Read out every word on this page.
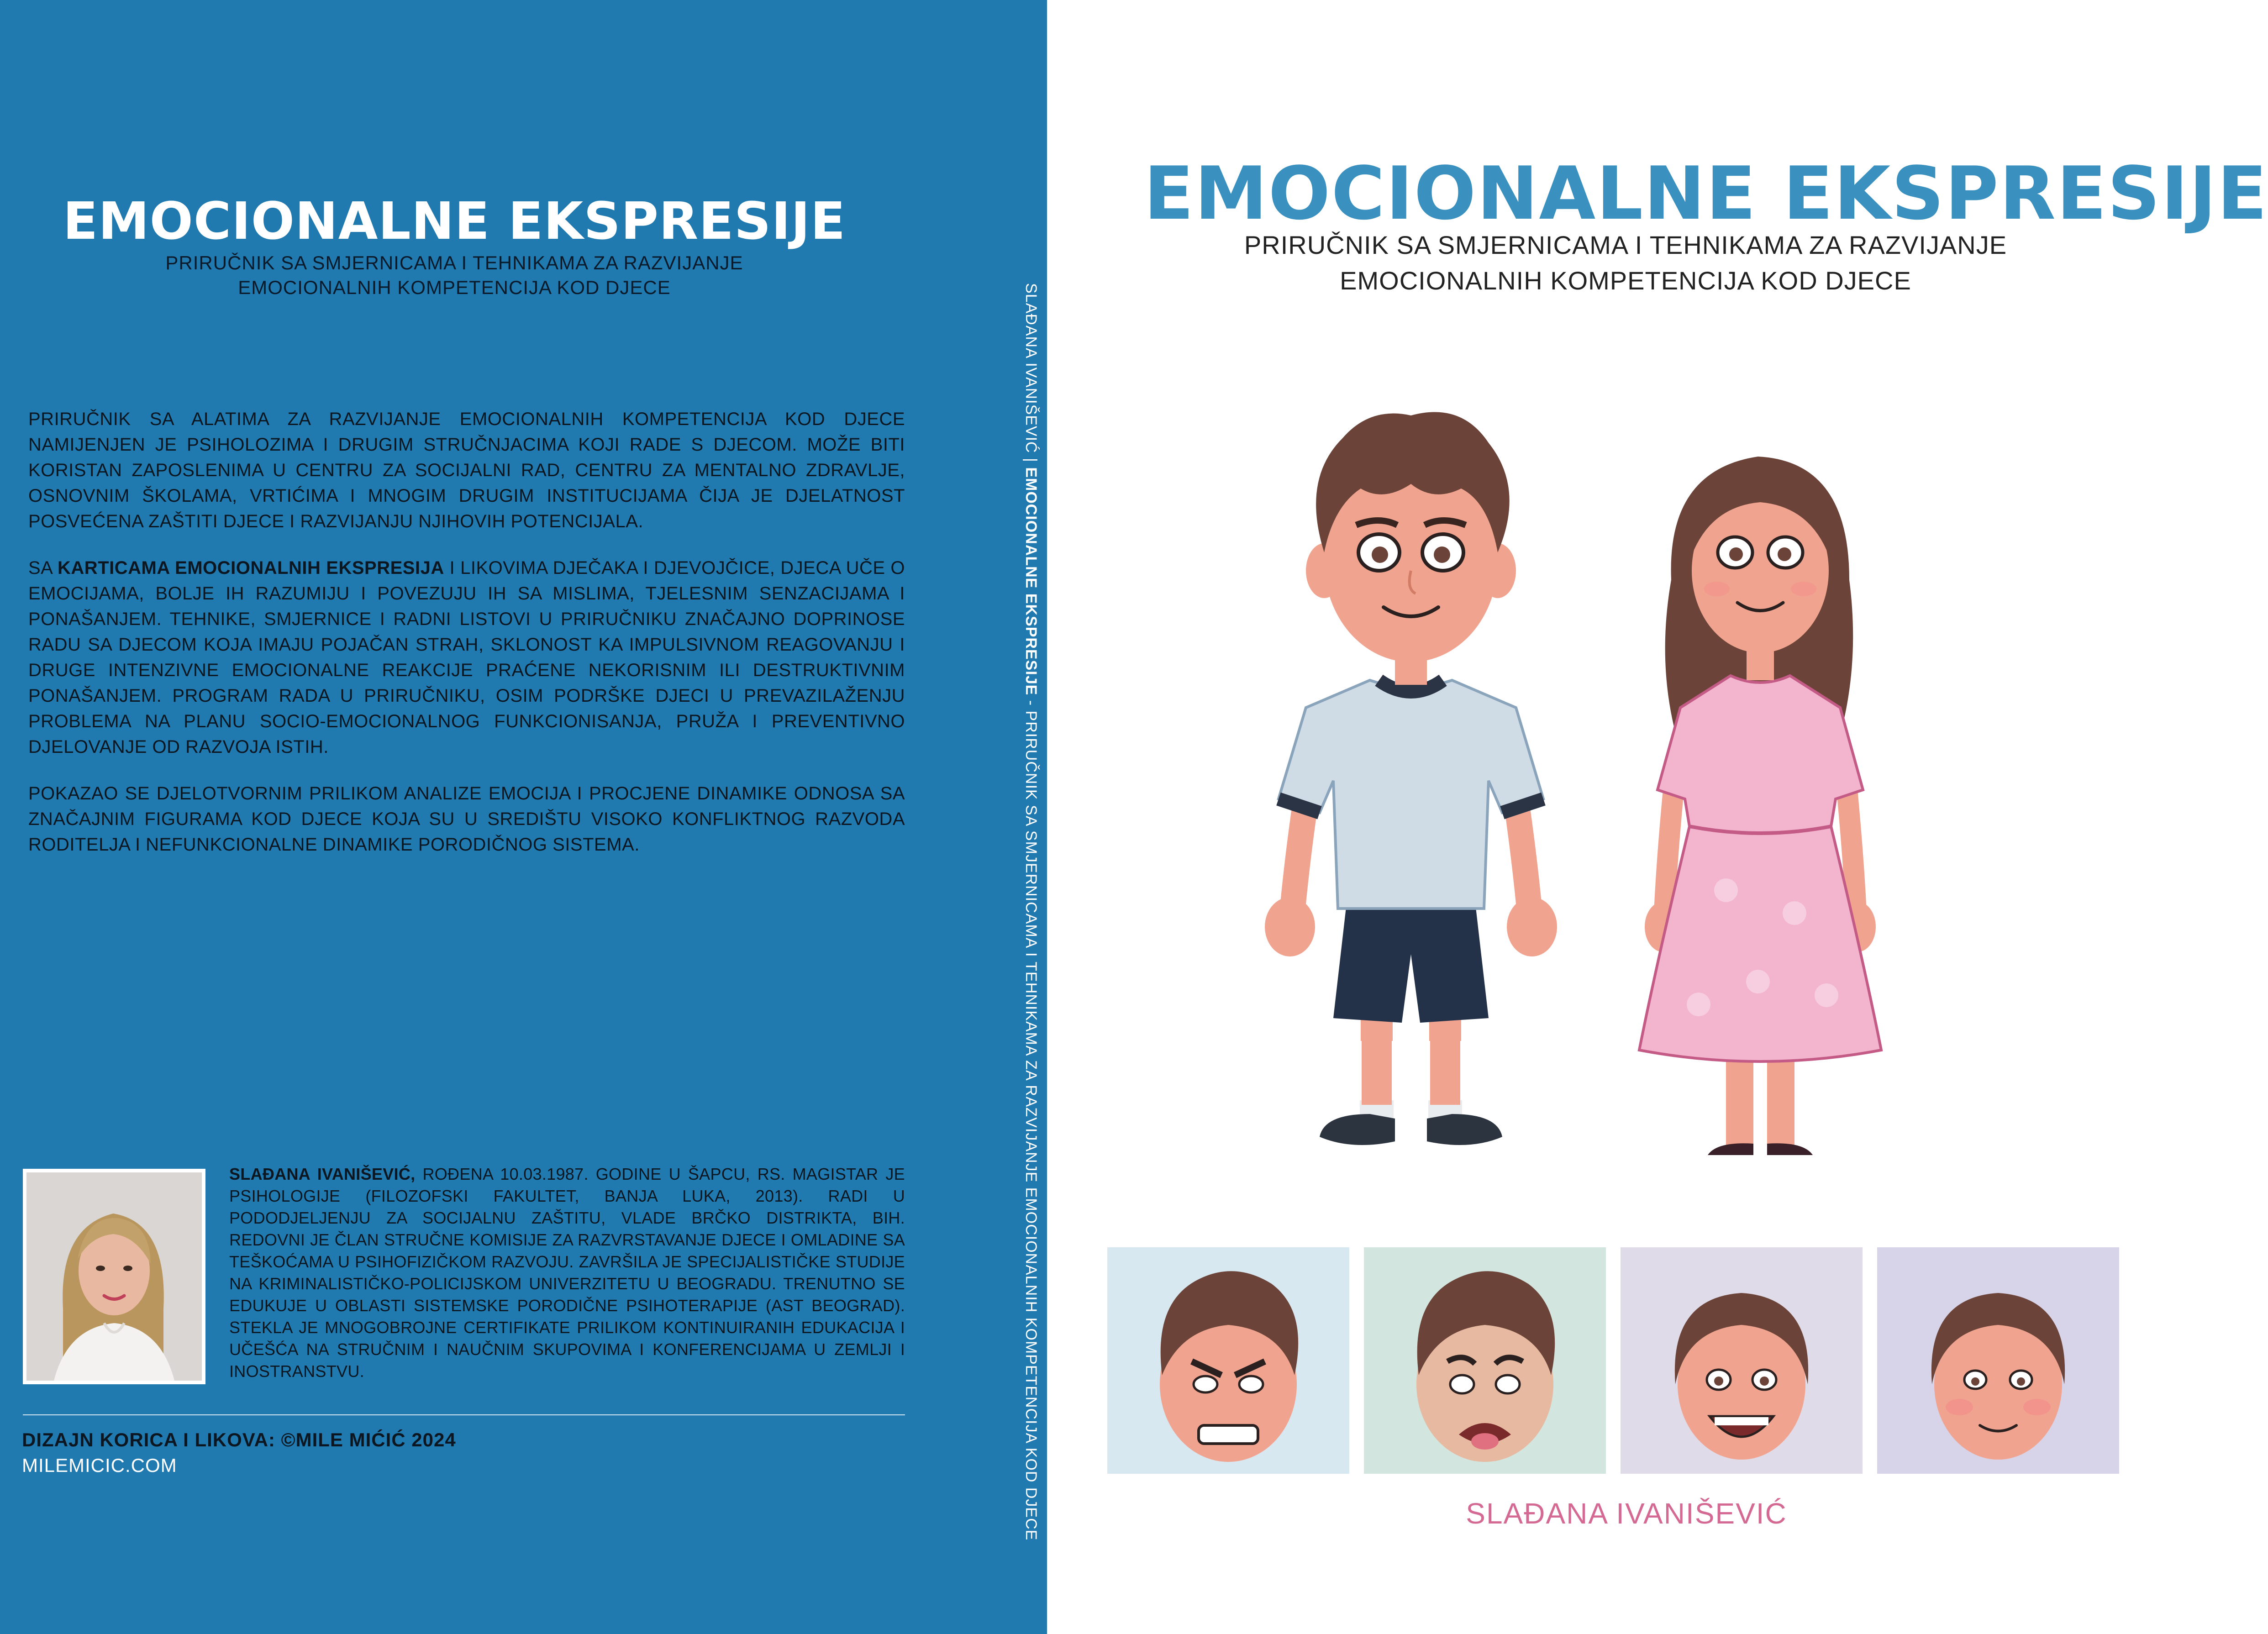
EMOCIONALNE EKSPRESIJE
PRIRUČNIK SA SMJERNICAMA I TEHNIKAMA ZA RAZVIJANJE
EMOCIONALNIH KOMPETENCIJA KOD DJECE
PRIRUČNIK SA ALATIMA ZA RAZVIJANJE EMOCIONALNIH KOMPETENCIJA KOD DJECE NAMIJENJEN JE PSIHOLOZIMA I DRUGIM STRUČNJACIMA KOJI RADE S DJECOM. MOŽE BITI KORISTAN ZAPOSLENIMA U CENTRU ZA SOCIJALNI RAD, CENTRU ZA MENTALNO ZDRAVLJE, OSNOVNIM ŠKOLAMA, VRTIĆIMA I MNOGIM DRUGIM INSTITUCIJAMA ČIJA JE DJELATNOST POSVEĆENA ZAŠTITI DJECE I RAZVIJANJU NJIHOVIH POTENCIJALA.
SA KARTICAMA EMOCIONALNIH EKSPRESIJA I LIKOVIMA DJEČAKA I DJEVOJČICE, DJECA UČE O EMOCIJAMA, BOLJE IH RAZUMIJU I POVEZUJU IH SA MISLIMA, TJELESNIM SENZACIJAMA I PONAŠANJEM. TEHNIKE, SMJERNICE I RADNI LISTOVI U PRIRUČNIKU ZNAČAJNO DOPRINOSE RADU SA DJECOM KOJA IMAJU POJAČAN STRAH, SKLONOST KA IMPULSIVNOM REAGOVANJU I DRUGE INTENZIVNE EMOCIONALNE REAKCIJE PRAĆENE NEKORISNIM ILI DESTRUKTIVNIM PONAŠANJEM. PROGRAM RADA U PRIRUČNIKU, OSIM PODRŠKE DJECI U PREVAZILAŽENJU PROBLEMA NA PLANU SOCIO-EMOCIONALNOG FUNKCIONISANJA, PRUŽA I PREVENTIVNO DJELOVANJE OD RAZVOJA ISTIH.
POKAZAO SE DJELOTVORNIM PRILIKOM ANALIZE EMOCIJA I PROCJENE DINAMIKE ODNOSA SA ZNAČAJNIM FIGURAMA KOD DJECE KOJA SU U SREDIŠTU VISOKO KONFLIKTNOG RAZVODA RODITELJA I NEFUNKCIONALNE DINAMIKE PORODIČNOG SISTEMA.
SLAĐANA IVANIŠEVIĆ, ROĐENA 10.03.1987. GODINE U ŠAPCU, RS. MAGISTAR JE PSIHOLOGIJE (FILOZOFSKI FAKULTET, BANJA LUKA, 2013). RADI U PODODJELJENJU ZA SOCIJALNU ZAŠTITU, VLADE BRČKO DISTRIKTA, BIH. REDOVNI JE ČLAN STRUČNE KOMISIJE ZA RAZVRSTAVANJE DJECE I OMLADINE SA TEŠKOĆAMA U PSIHOFIZIČKOM RAZVOJU. ZAVRŠILA JE SPECIJALISTIČKE STUDIJE NA KRIMINALISTIČKO-POLICIJSKOM UNIVERZITETU U BEOGRADU. TRENUTNO SE EDUKUJE U OBLASTI SISTEMSKE PORODIČNE PSIHOTERAPIJE (AST BEOGRAD). STEKLA JE MNOGOBROJNE CERTIFIKATE PRILIKOM KONTINUIRANIH EDUKACIJA I UČEŠĆA NA STRUČNIM I NAUČNIM SKUPOVIMA I KONFERENCIJAMA U ZEMLJI I INOSTRANSTVU.
DIZAJN KORICA I LIKOVA: ©MILE MIĆIĆ 2024
MILEMICIC.COM
SLAĐANA IVANIŠEVIĆ | EMOCIONALNE EKSPRESIJE - PRIRUČNIK SA SMJERNICAMA I TEHNIKAMA ZA RAZVIJANJE EMOCIONALNIH KOMPETENCIJA KOD DJECE
EMOCIONALNE EKSPRESIJE
PRIRUČNIK SA SMJERNICAMA I TEHNIKAMA ZA RAZVIJANJE
EMOCIONALNIH KOMPETENCIJA KOD DJECE
SLAĐANA IVANIŠEVIĆ
